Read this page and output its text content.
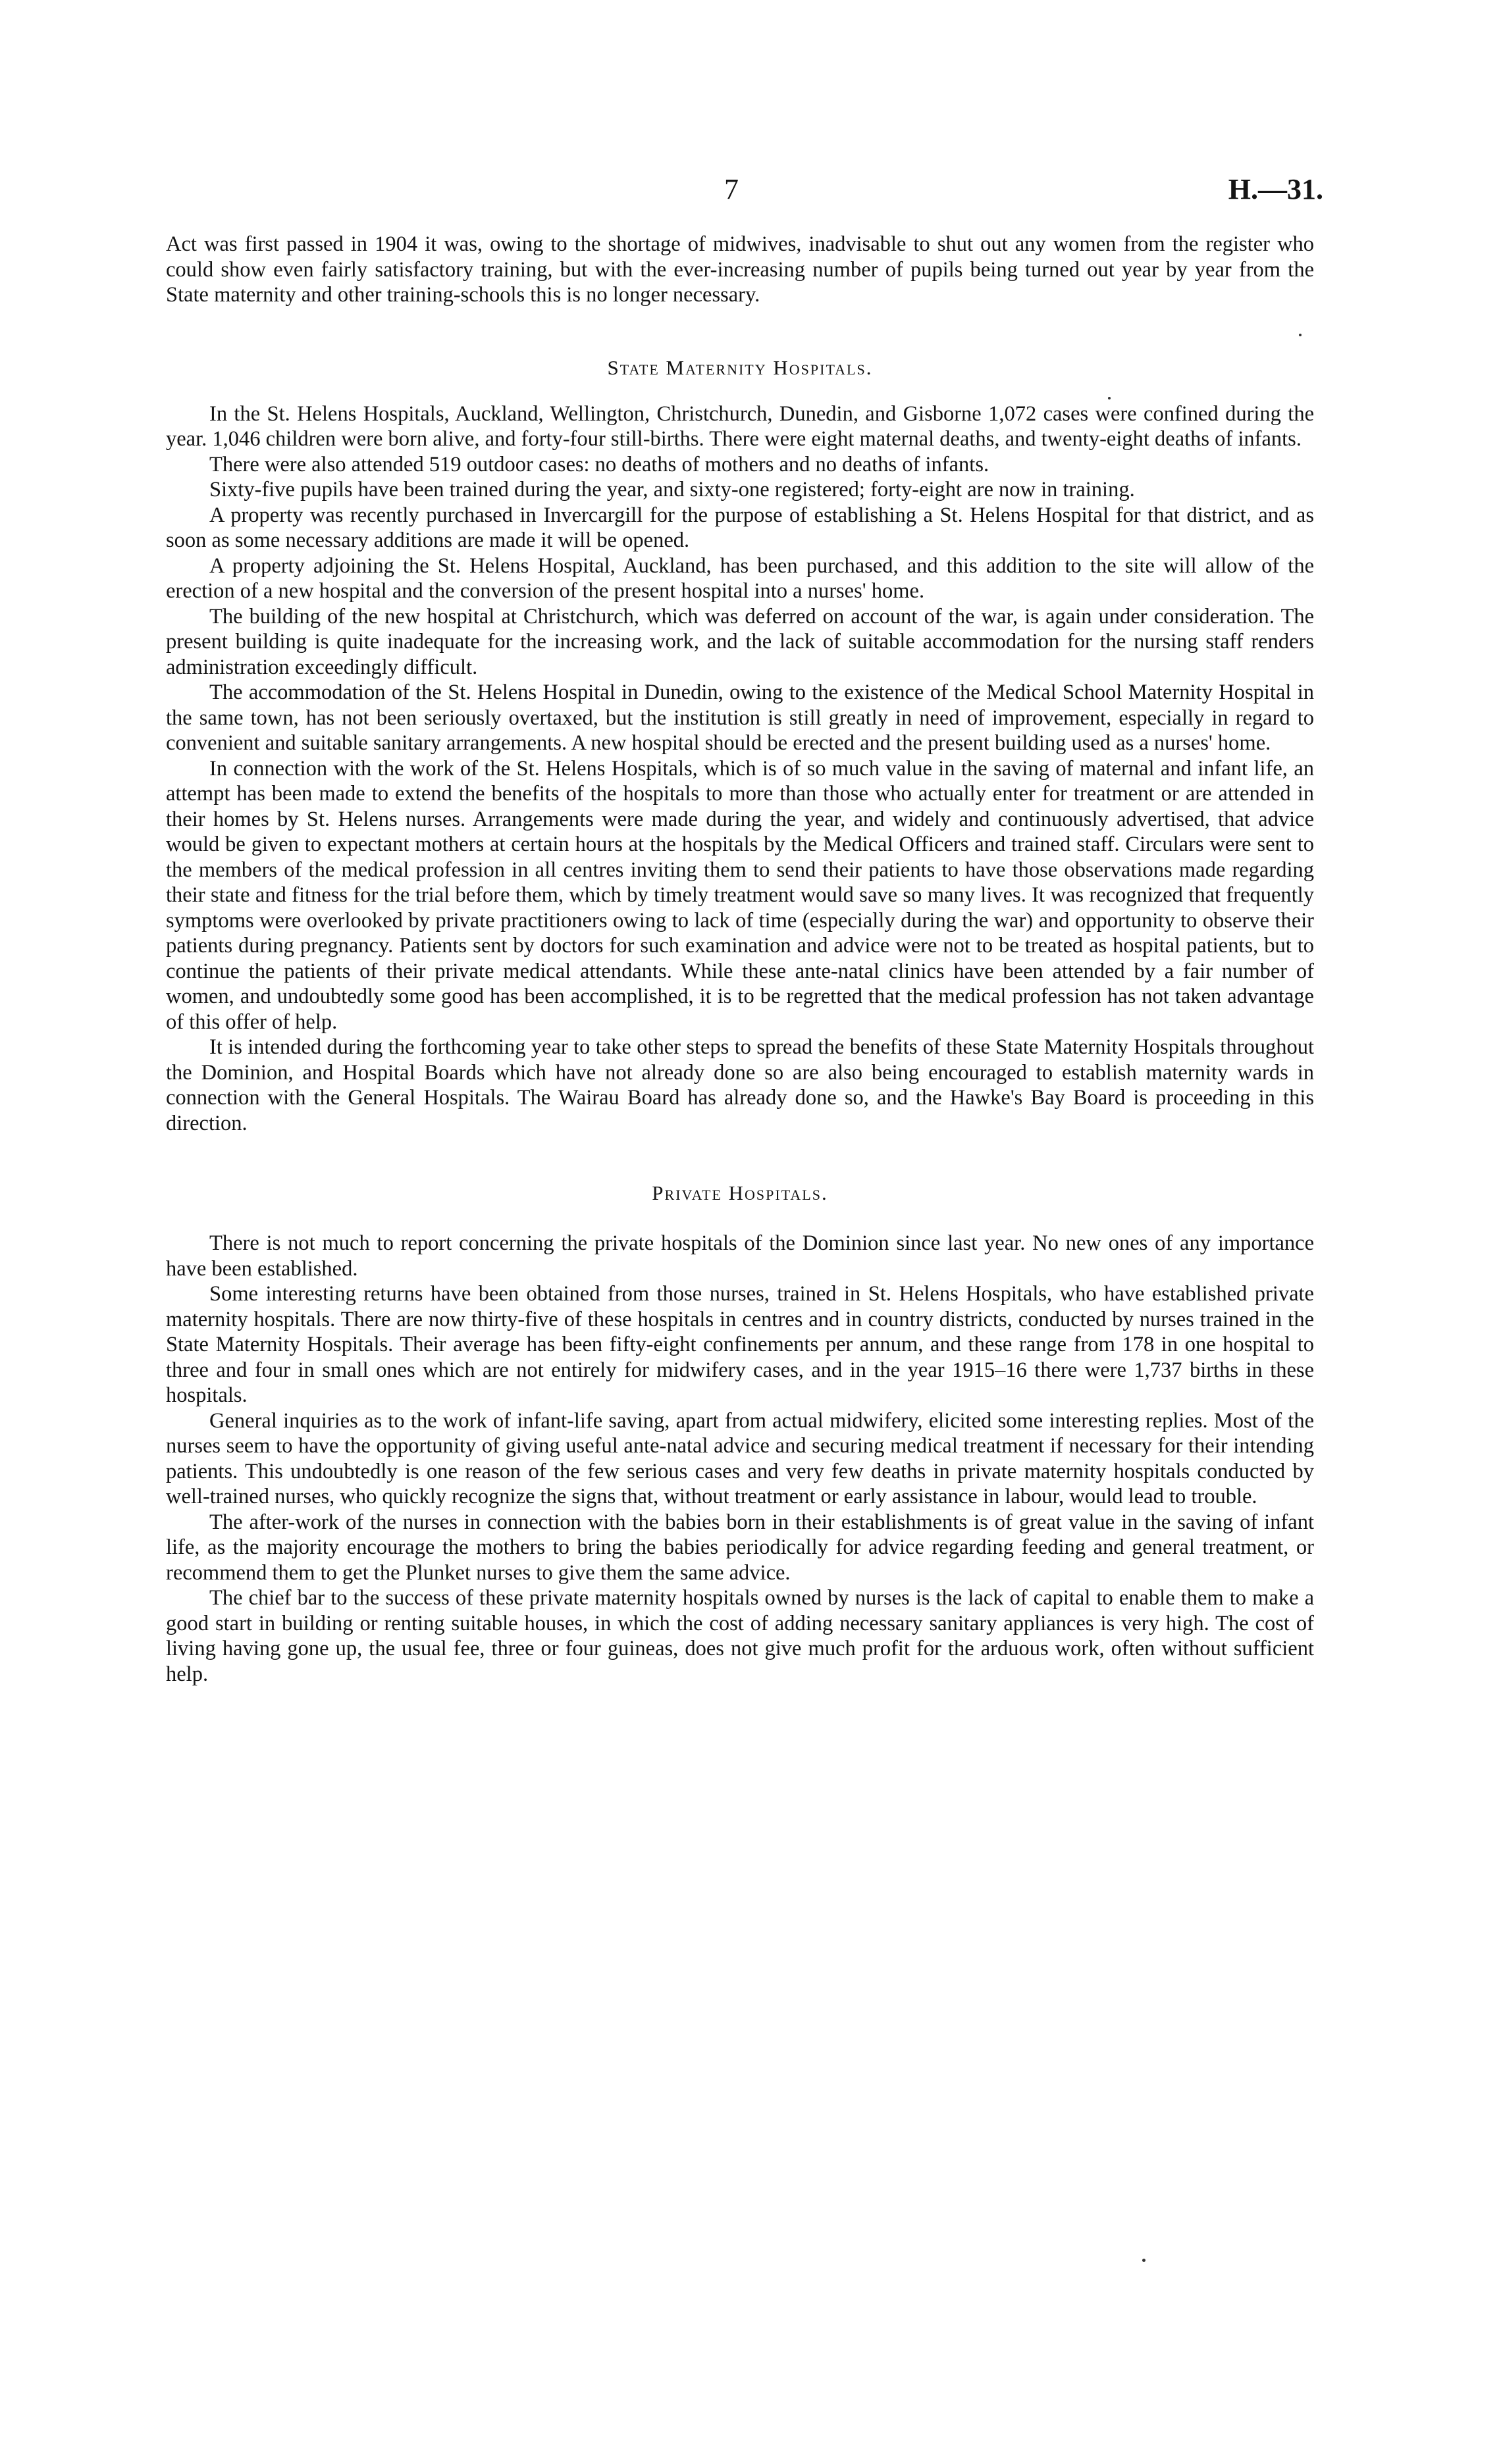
7	H.—31.

Act was first passed in 1904 it was, owing to the shortage of midwives, inadvisable to shut out any women from the register who could show even fairly satisfactory training, but with the ever-increasing number of pupils being turned out year by year from the State maternity and other training-schools this is no longer necessary.

State Maternity Hospitals.

In the St. Helens Hospitals, Auckland, Wellington, Christchurch, Dunedin, and Gisborne 1,072 cases were confined during the year. 1,046 children were born alive, and forty-four still-births. There were eight maternal deaths, and twenty-eight deaths of infants.

There were also attended 519 outdoor cases: no deaths of mothers and no deaths of infants.

Sixty-five pupils have been trained during the year, and sixty-one registered; forty-eight are now in training.

A property was recently purchased in Invercargill for the purpose of establishing a St. Helens Hospital for that district, and as soon as some necessary additions are made it will be opened.

A property adjoining the St. Helens Hospital, Auckland, has been purchased, and this addition to the site will allow of the erection of a new hospital and the conversion of the present hospital into a nurses' home.

The building of the new hospital at Christchurch, which was deferred on account of the war, is again under consideration. The present building is quite inadequate for the increasing work, and the lack of suitable accommodation for the nursing staff renders administration exceedingly difficult.

The accommodation of the St. Helens Hospital in Dunedin, owing to the existence of the Medical School Maternity Hospital in the same town, has not been seriously overtaxed, but the institution is still greatly in need of improvement, especially in regard to convenient and suitable sanitary arrangements. A new hospital should be erected and the present building used as a nurses' home.

In connection with the work of the St. Helens Hospitals, which is of so much value in the saving of maternal and infant life, an attempt has been made to extend the benefits of the hospitals to more than those who actually enter for treatment or are attended in their homes by St. Helens nurses. Arrangements were made during the year, and widely and continuously advertised, that advice would be given to expectant mothers at certain hours at the hospitals by the Medical Officers and trained staff. Circulars were sent to the members of the medical profession in all centres inviting them to send their patients to have those observations made regarding their state and fitness for the trial before them, which by timely treatment would save so many lives. It was recognized that frequently symptoms were overlooked by private practitioners owing to lack of time (especially during the war) and opportunity to observe their patients during pregnancy. Patients sent by doctors for such examination and advice were not to be treated as hospital patients, but to continue the patients of their private medical attendants. While these ante-natal clinics have been attended by a fair number of women, and undoubtedly some good has been accomplished, it is to be regretted that the medical profession has not taken advantage of this offer of help.

It is intended during the forthcoming year to take other steps to spread the benefits of these State Maternity Hospitals throughout the Dominion, and Hospital Boards which have not already done so are also being encouraged to establish maternity wards in connection with the General Hospitals. The Wairau Board has already done so, and the Hawke's Bay Board is proceeding in this direction.

Private Hospitals.

There is not much to report concerning the private hospitals of the Dominion since last year. No new ones of any importance have been established.

Some interesting returns have been obtained from those nurses, trained in St. Helens Hospitals, who have established private maternity hospitals. There are now thirty-five of these hospitals in centres and in country districts, conducted by nurses trained in the State Maternity Hospitals. Their average has been fifty-eight confinements per annum, and these range from 178 in one hospital to three and four in small ones which are not entirely for midwifery cases, and in the year 1915–16 there were 1,737 births in these hospitals.

General inquiries as to the work of infant-life saving, apart from actual midwifery, elicited some interesting replies. Most of the nurses seem to have the opportunity of giving useful ante-natal advice and securing medical treatment if necessary for their intending patients. This undoubtedly is one reason of the few serious cases and very few deaths in private maternity hospitals conducted by well-trained nurses, who quickly recognize the signs that, without treatment or early assistance in labour, would lead to trouble.

The after-work of the nurses in connection with the babies born in their establishments is of great value in the saving of infant life, as the majority encourage the mothers to bring the babies periodically for advice regarding feeding and general treatment, or recommend them to get the Plunket nurses to give them the same advice.

The chief bar to the success of these private maternity hospitals owned by nurses is the lack of capital to enable them to make a good start in building or renting suitable houses, in which the cost of adding necessary sanitary appliances is very high. The cost of living having gone up, the usual fee, three or four guineas, does not give much profit for the arduous work, often without sufficient help.
